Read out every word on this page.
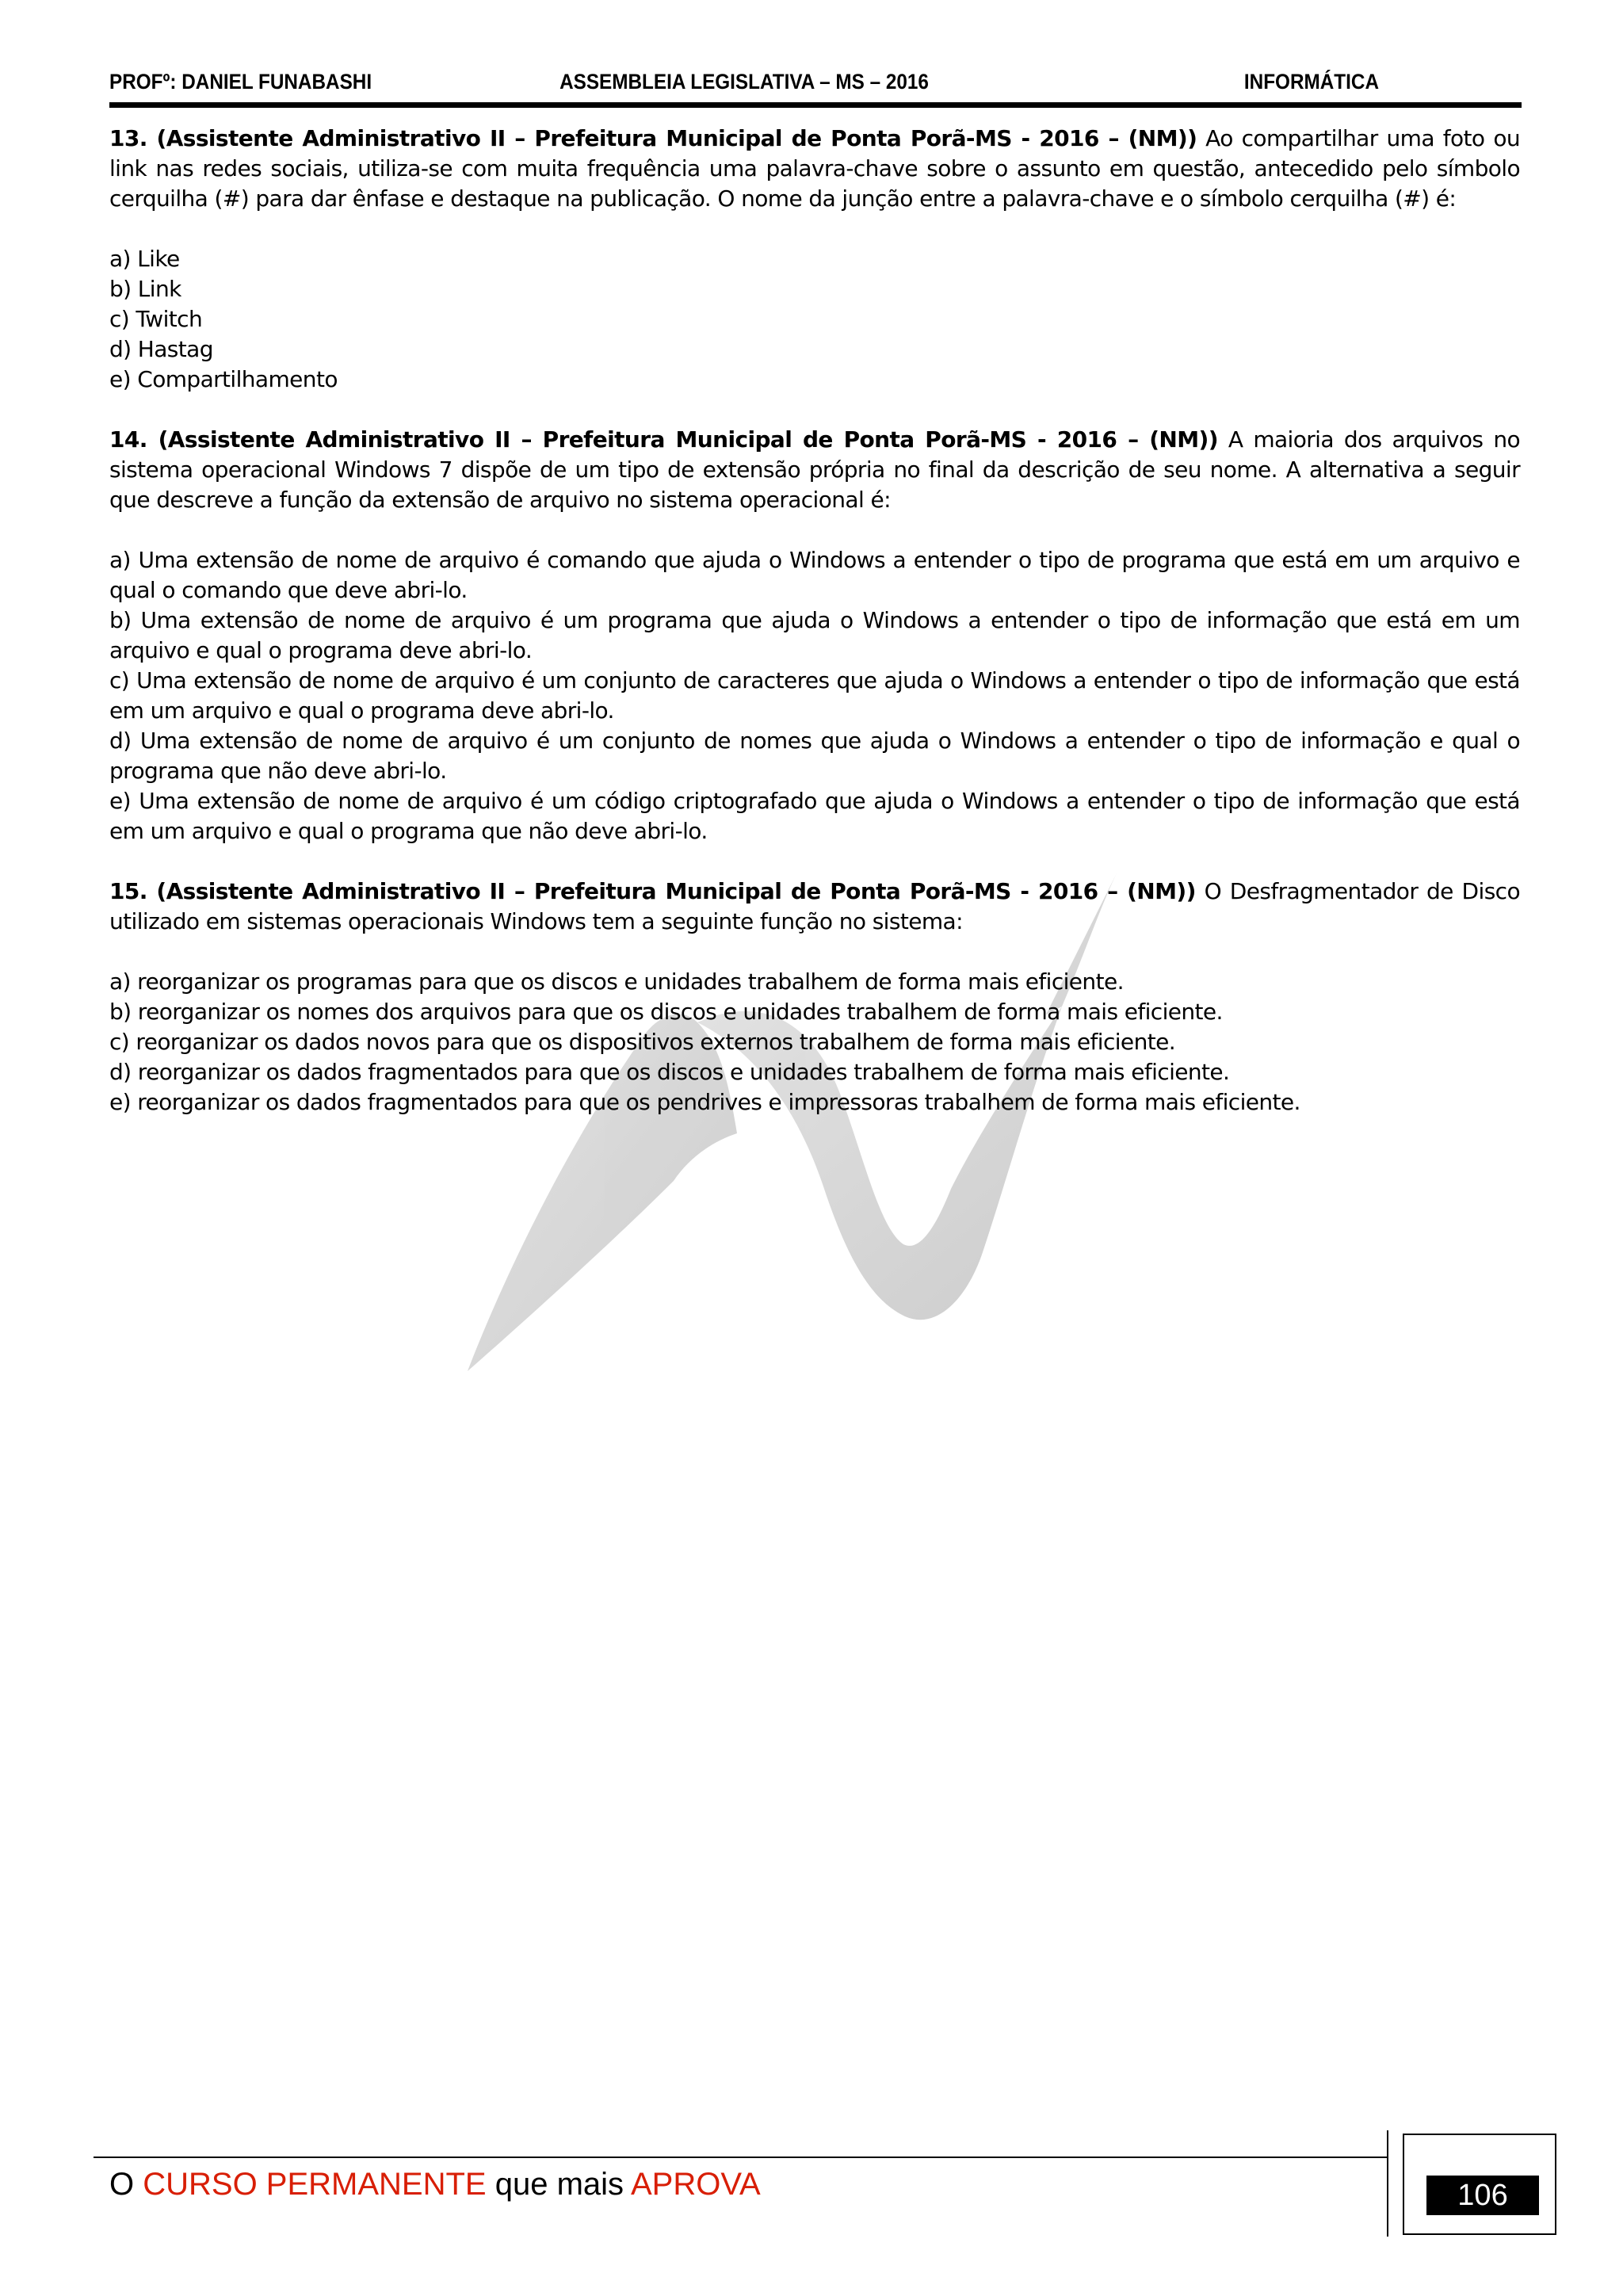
PROFº: DANIEL FUNABASHI	ASSEMBLEIA LEGISLATIVA – MS – 2016	INFORMÁTICA

13. (Assistente Administrativo II – Prefeitura Municipal de Ponta Porã-MS - 2016 – (NM)) Ao compartilhar uma foto ou link nas redes sociais, utiliza-se com muita frequência uma palavra-chave sobre o assunto em questão, antecedido pelo símbolo cerquilha (#) para dar ênfase e destaque na publicação. O nome da junção entre a palavra-chave e o símbolo cerquilha (#) é:

a) Like

b) Link

c) Twitch

d) Hastag

e) Compartilhamento

14. (Assistente Administrativo II – Prefeitura Municipal de Ponta Porã-MS - 2016 – (NM)) A maioria dos arquivos no sistema operacional Windows 7 dispõe de um tipo de extensão própria no final da descrição de seu nome. A alternativa a seguir que descreve a função da extensão de arquivo no sistema operacional é:

a) Uma extensão de nome de arquivo é comando que ajuda o Windows a entender o tipo de programa que está em um arquivo e qual o comando que deve abri-lo.

b) Uma extensão de nome de arquivo é um programa que ajuda o Windows a entender o tipo de informação que está em um arquivo e qual o programa deve abri-lo.

c) Uma extensão de nome de arquivo é um conjunto de caracteres que ajuda o Windows a entender o tipo de informação que está em um arquivo e qual o programa deve abri-lo.

d) Uma extensão de nome de arquivo é um conjunto de nomes que ajuda o Windows a entender o tipo de informação e qual o programa que não deve abri-lo.

e) Uma extensão de nome de arquivo é um código criptografado que ajuda o Windows a entender o tipo de informação que está em um arquivo e qual o programa que não deve abri-lo.

15. (Assistente Administrativo II – Prefeitura Municipal de Ponta Porã-MS - 2016 – (NM)) O Desfragmentador de Disco utilizado em sistemas operacionais Windows tem a seguinte função no sistema:

a) reorganizar os programas para que os discos e unidades trabalhem de forma mais eficiente.

b) reorganizar os nomes dos arquivos para que os discos e unidades trabalhem de forma mais eficiente.

c) reorganizar os dados novos para que os dispositivos externos trabalhem de forma mais eficiente.

d) reorganizar os dados fragmentados para que os discos e unidades trabalhem de forma mais eficiente.

e) reorganizar os dados fragmentados para que os pendrives e impressoras trabalhem de forma mais eficiente.

O CURSO PERMANENTE que mais APROVA	106
